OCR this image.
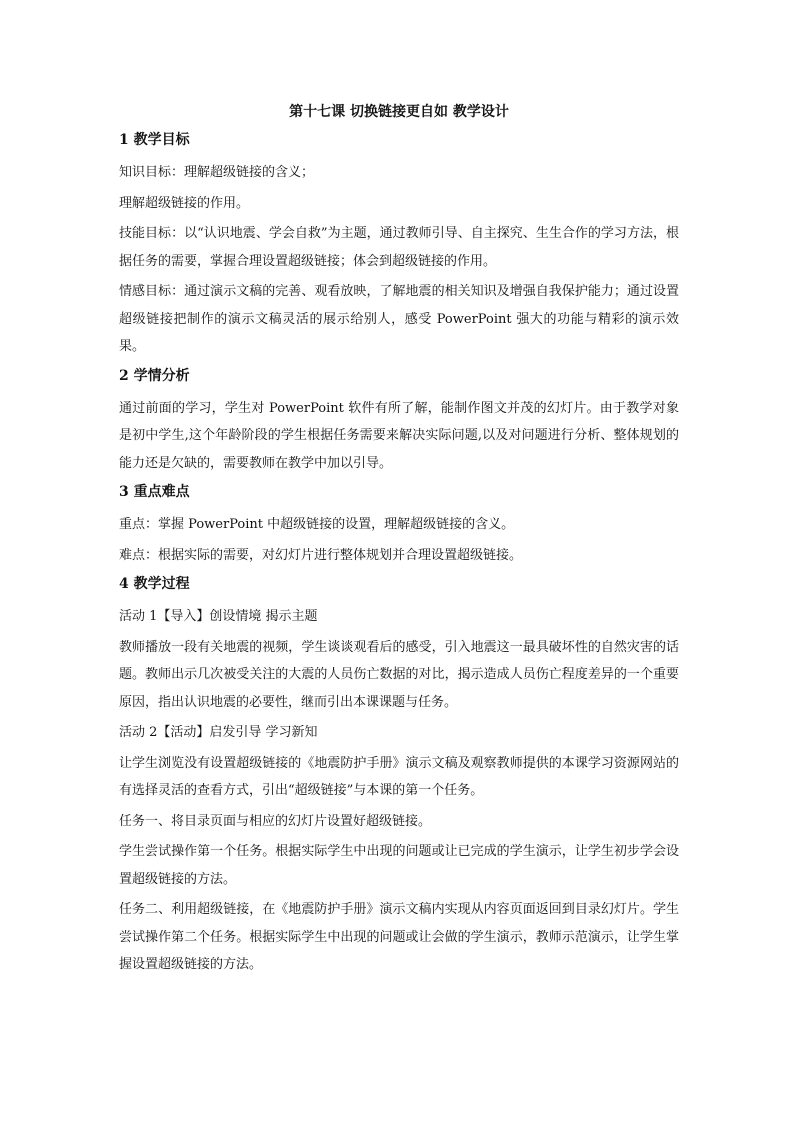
第十七课 切换链接更自如 教学设计
1 教学目标
知识目标：理解超级链接的含义；
理解超级链接的作用。
技能目标：以“认识地震、学会自救”为主题，通过教师引导、自主探究、生生合作的学习方法，根据任务的需要，掌握合理设置超级链接；体会到超级链接的作用。
情感目标：通过演示文稿的完善、观看放映，了解地震的相关知识及增强自我保护能力；通过设置超级链接把制作的演示文稿灵活的展示给别人，感受 PowerPoint 强大的功能与精彩的演示效果。
2 学情分析
通过前面的学习，学生对 PowerPoint 软件有所了解，能制作图文并茂的幻灯片。由于教学对象是初中学生,这个年龄阶段的学生根据任务需要来解决实际问题,以及对问题进行分析、整体规划的能力还是欠缺的，需要教师在教学中加以引导。
3 重点难点
重点：掌握 PowerPoint 中超级链接的设置，理解超级链接的含义。
难点：根据实际的需要，对幻灯片进行整体规划并合理设置超级链接。
4 教学过程
活动 1【导入】创设情境 揭示主题
教师播放一段有关地震的视频，学生谈谈观看后的感受，引入地震这一最具破坏性的自然灾害的话题。教师出示几次被受关注的大震的人员伤亡数据的对比，揭示造成人员伤亡程度差异的一个重要原因，指出认识地震的必要性，继而引出本课课题与任务。
活动 2【活动】启发引导 学习新知
让学生浏览没有设置超级链接的《地震防护手册》演示文稿及观察教师提供的本课学习资源网站的有选择灵活的查看方式，引出“超级链接”与本课的第一个任务。
任务一、将目录页面与相应的幻灯片设置好超级链接。
学生尝试操作第一个任务。根据实际学生中出现的问题或让已完成的学生演示，让学生初步学会设置超级链接的方法。
任务二、利用超级链接，在《地震防护手册》演示文稿内实现从内容页面返回到目录幻灯片。学生尝试操作第二个任务。根据实际学生中出现的问题或让会做的学生演示，教师示范演示，让学生掌握设置超级链接的方法。
